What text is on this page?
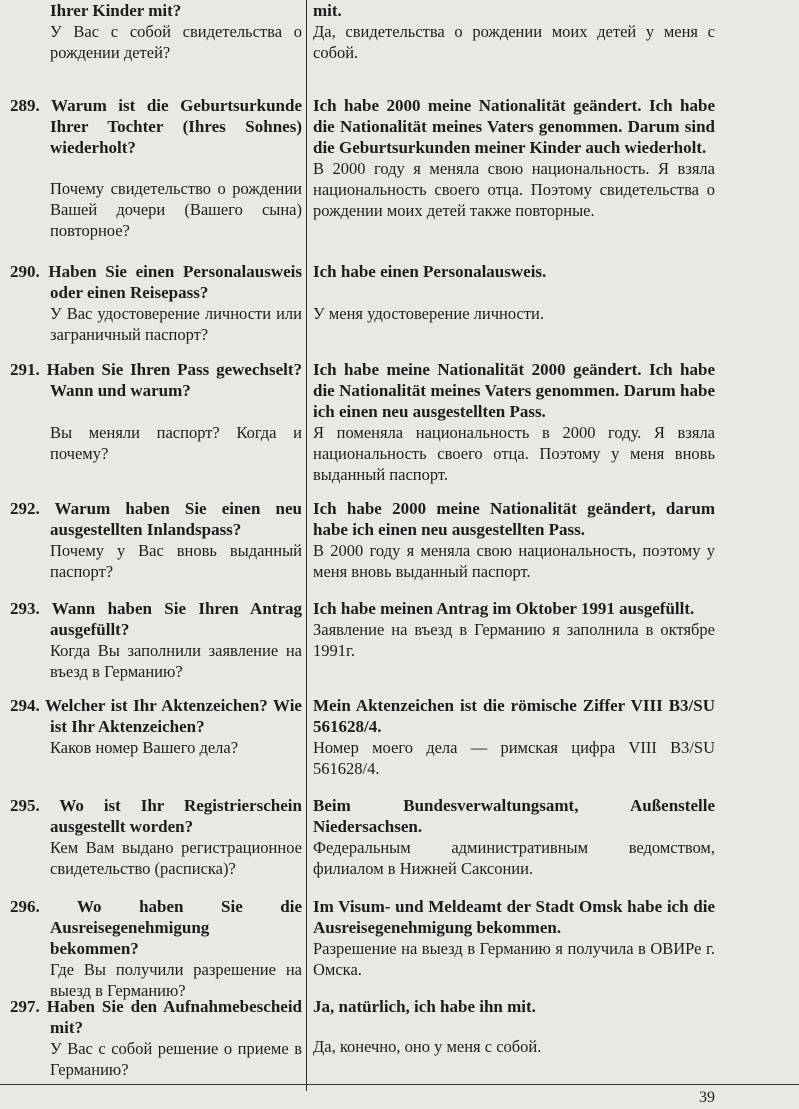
Ihrer Kinder mit?
У Вас с собой свидетельства о рождении детей?
mit.
Да, свидетельства о рождении моих детей у меня с собой.
289. Warum ist die Geburtsurkunde Ihrer Tochter (Ihres Sohnes) wiederholt?
Почему свидетельство о рождении Вашей дочери (Вашего сына) повторное?
Ich habe 2000 meine Nationalität geändert. Ich habe die Nationalität meines Vaters genommen. Darum sind die Geburtsurkunden meiner Kinder auch wiederholt.
В 2000 году я меняла свою национальность. Я взяла национальность своего отца. Поэтому свидетельства о рождении моих детей также повторные.
290. Haben Sie einen Personalausweis oder einen Reisepass?
У Вас удостоверение личности или заграничный паспорт?
Ich habe einen Personalausweis.
У меня удостоверение личности.
291. Haben Sie Ihren Pass gewechselt? Wann und warum?
Вы меняли паспорт? Когда и почему?
Ich habe meine Nationalität 2000 geändert. Ich habe die Nationalität meines Vaters genommen. Darum habe ich einen neu ausgestellten Pass.
Я поменяла национальность в 2000 году. Я взяла национальность своего отца. Поэтому у меня вновь выданный паспорт.
292. Warum haben Sie einen neu ausgestellten Inlandspass?
Почему у Вас вновь выданный паспорт?
Ich habe 2000 meine Nationalität geändert, darum habe ich einen neu ausgestellten Pass.
В 2000 году я меняла свою национальность, поэтому у меня вновь выданный паспорт.
293. Wann haben Sie Ihren Antrag ausgefüllt?
Когда Вы заполнили заявление на въезд в Германию?
Ich habe meinen Antrag im Oktober 1991 ausgefüllt.
Заявление на въезд в Германию я заполнила в октябре 1991г.
294. Welcher ist Ihr Aktenzeichen? Wie ist Ihr Aktenzeichen?
Каков номер Вашего дела?
Mein Aktenzeichen ist die römische Ziffer VIII B3/SU 561628/4.
Номер моего дела — римская цифра VIII B3/SU 561628/4.
295. Wo ist Ihr Registrierschein ausgestellt worden?
Кем Вам выдано регистрационное свидетельство (расписка)?
Beim Bundesverwaltungsamt, Außenstelle Niedersachsen.
Федеральным административным ведомством, филиалом в Нижней Саксонии.
296. Wo haben Sie die Ausreisegenehmigung bekommen?
Где Вы получили разрешение на выезд в Германию?
Im Visum- und Meldeamt der Stadt Omsk habe ich die Ausreisegenehmigung bekommen.
Разрешение на выезд в Германию я получила в ОВИРе г. Омска.
297. Haben Sie den Aufnahmebescheid mit?
У Вас с собой решение о приеме в Германию?
Ja, natürlich, ich habe ihn mit.
Да, конечно, оно у меня с собой.
39
